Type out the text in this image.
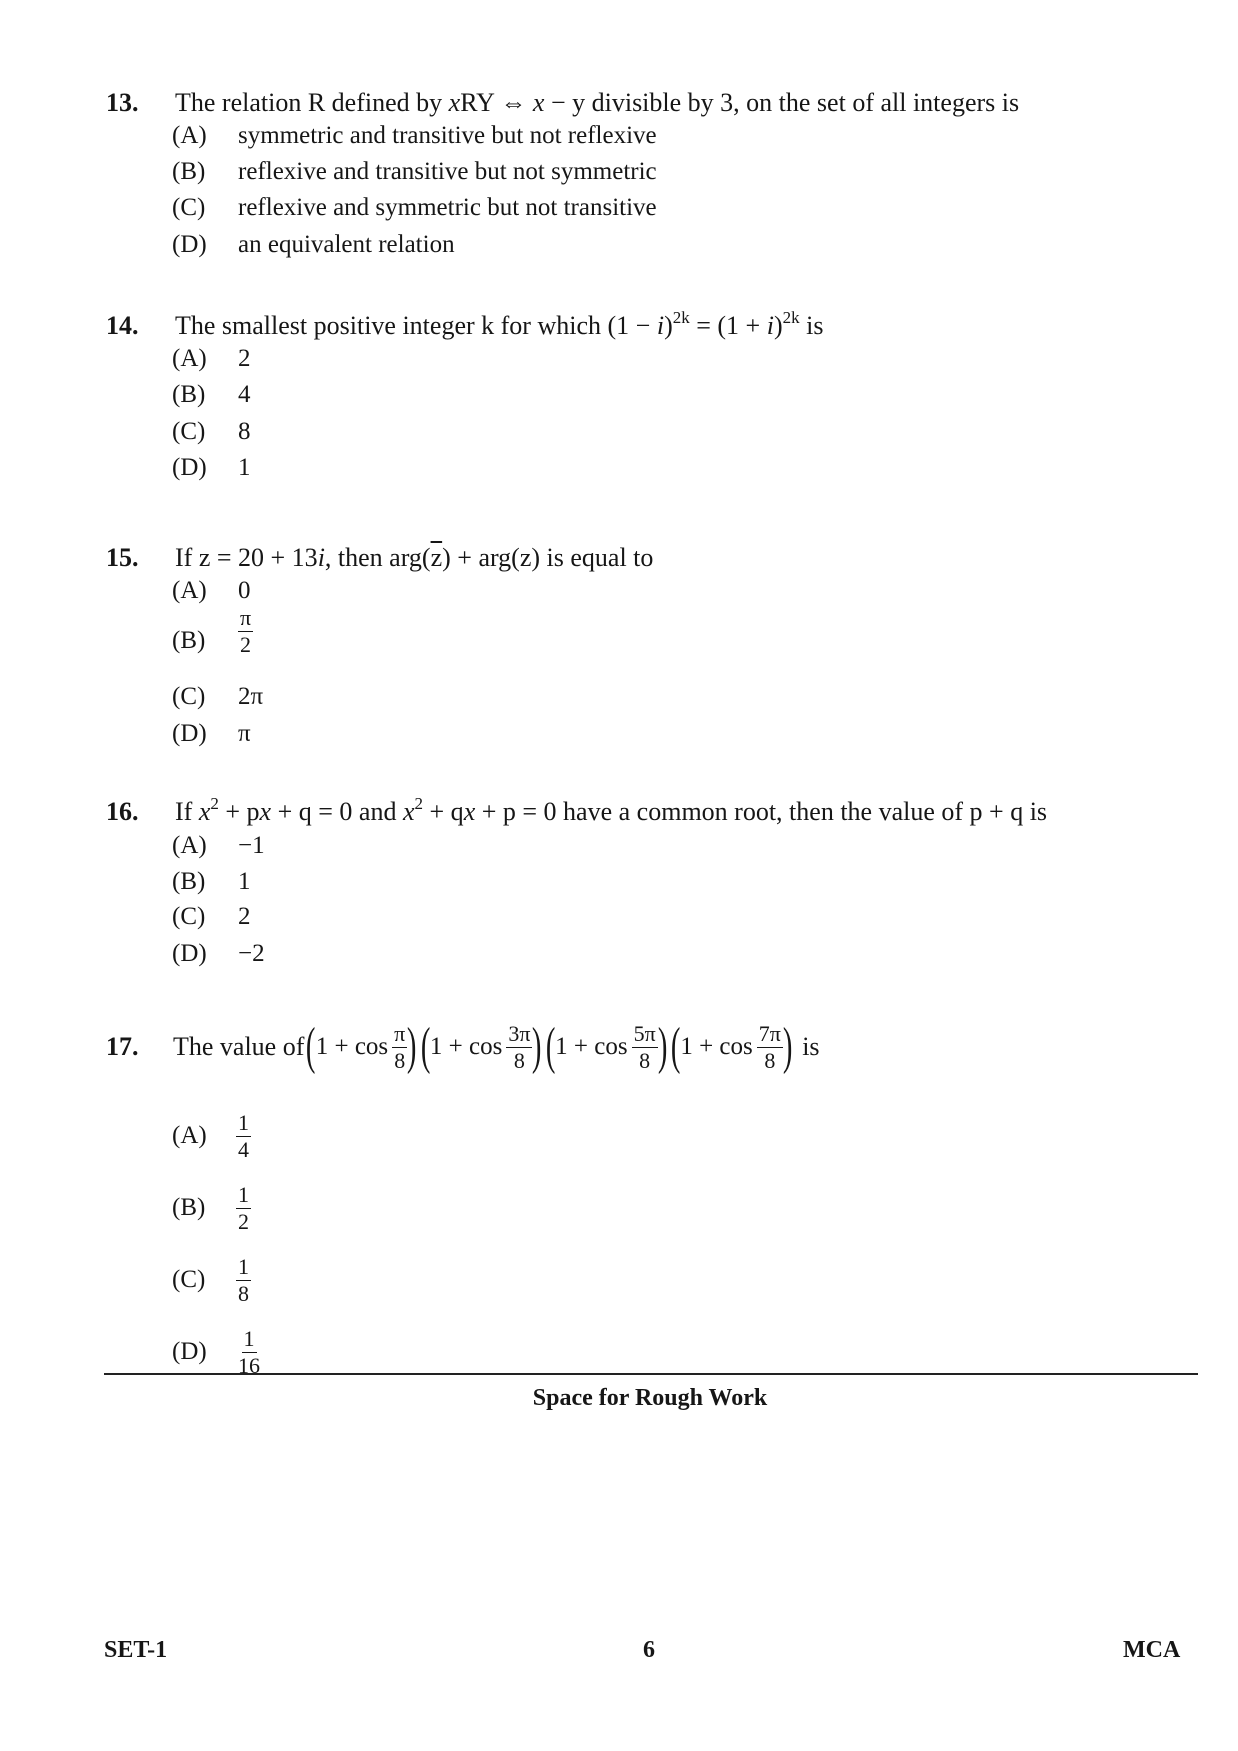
13. The relation R defined by xRY ⇔ x − y divisible by 3, on the set of all integers is
(A) symmetric and transitive but not reflexive
(B) reflexive and transitive but not symmetric
(C) reflexive and symmetric but not transitive
(D) an equivalent relation
14. The smallest positive integer k for which $(1 - i)^{2k} = (1 + i)^{2k}$ is
(A) 2
(B) 4
(C) 8
(D) 1
15. If z = 20 + 13i, then $arg(\overline{z}) + arg(z)$ is equal to
(A) 0
$(B) \frac{\pi}{2}$
(C) 2π
(D) π
16. If $x^2$ + px + q = 0 and $x^2$ + qx + p = 0 have a common root, then the value of p + q is
(A) −1
(B) 1
(C) 2
(D) −2
17. The value of ( $1 + \cos \frac{\pi}{8}$ ) ( $1 + \cos \frac{3\pi}{8}$ ) ( $1 + \cos \frac{5\pi}{8}$ ) ( $1 + \cos \frac{7\pi}{8}$ ) is
$(A) \frac{1}{4}$
$(B) \frac{1}{2}$
$(C) \frac{1}{8}$
$(D) \frac{1}{16}$
Space for Rough Work
SET-1	6	MCA
